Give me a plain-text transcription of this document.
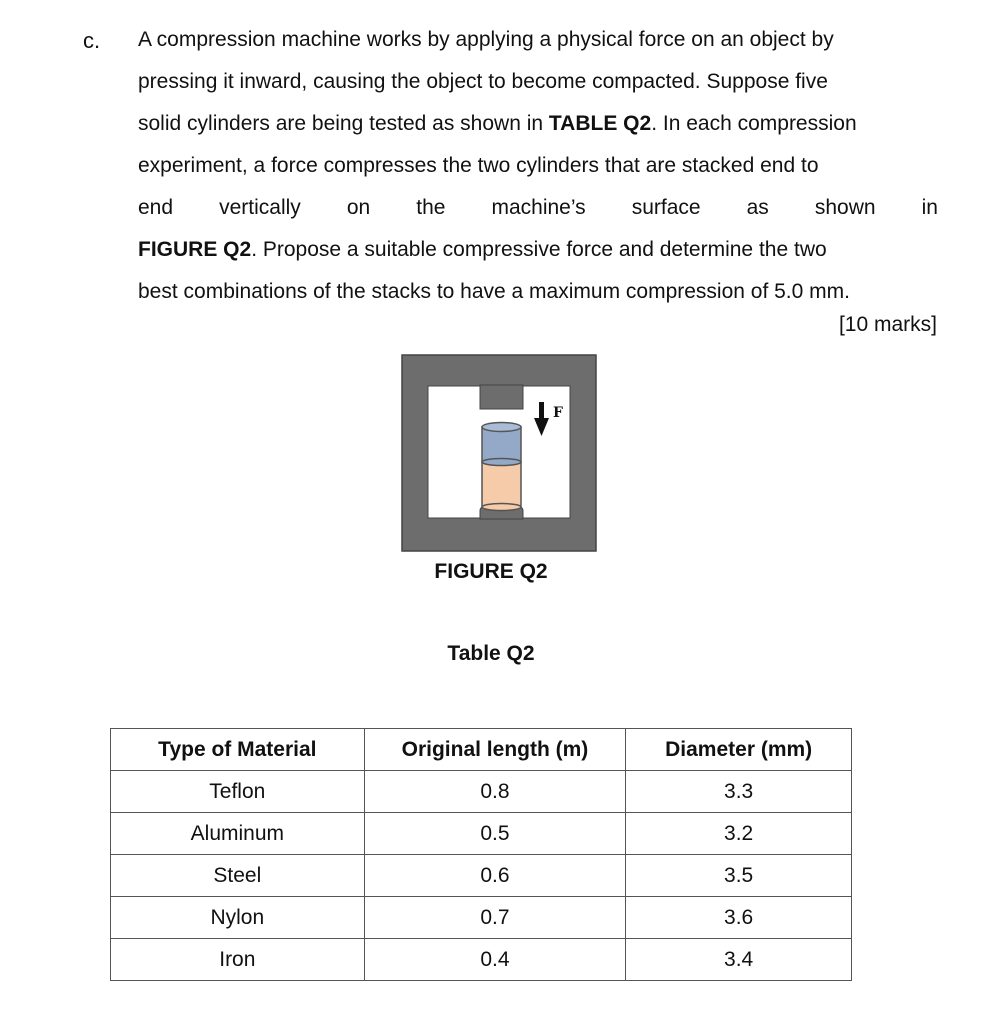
c. A compression machine works by applying a physical force on an object by
pressing it inward, causing the object to become compacted. Suppose five
solid cylinders are being tested as shown in TABLE Q2. In each compression
experiment, a force compresses the two cylinders that are stacked end to
end vertically on the machine’s surface as shown in
FIGURE Q2. Propose a suitable compressive force and determine the two
best combinations of the stacks to have a maximum compression of 5.0 mm.
[10 marks]
F
FIGURE Q2
Table Q2
Type of Material	Original length (m)	Diameter (mm)
Teflon	0.8	3.3
Aluminum	0.5	3.2
Steel	0.6	3.5
Nylon	0.7	3.6
Iron	0.4	3.4
